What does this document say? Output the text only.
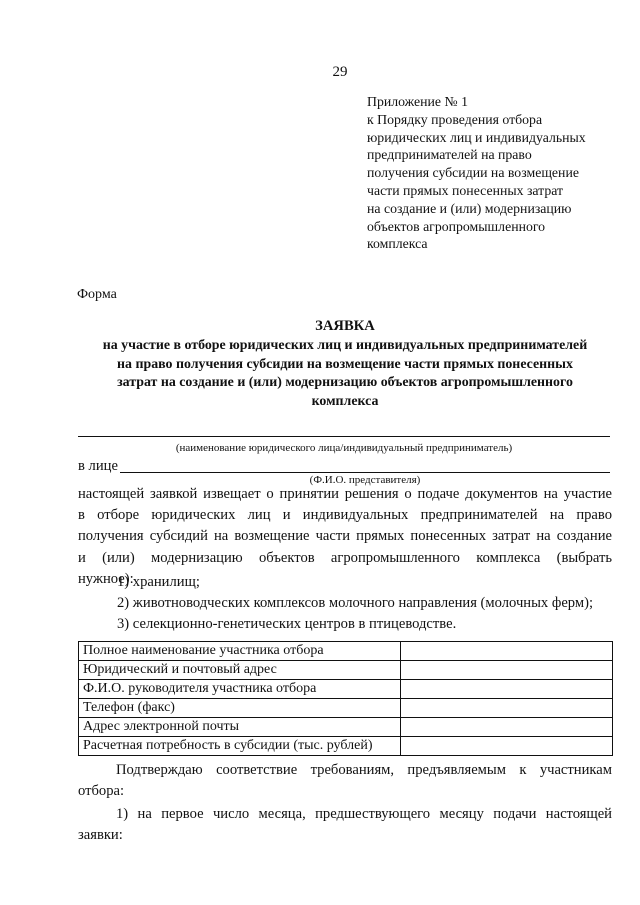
29
Приложение № 1
к Порядку проведения отбора
юридических лиц и индивидуальных
предпринимателей на право
получения субсидии на возмещение
части прямых понесенных затрат
на создание и (или) модернизацию
объектов агропромышленного
комплекса
Форма
ЗАЯВКА
на участие в отборе юридических лиц и индивидуальных предпринимателей
на право получения субсидии на возмещение части прямых понесенных
затрат на создание и (или) модернизацию объектов агропромышленного
комплекса
(наименование юридического лица/индивидуальный предприниматель)
в лице
(Ф.И.О. представителя)
настоящей заявкой извещает о принятии решения о подаче документов на участие
в отборе юридических лиц и индивидуальных предпринимателей на право
получения субсидий на возмещение части прямых понесенных затрат на создание
и (или) модернизацию объектов агропромышленного комплекса (выбрать
нужное):
1) хранилищ;
2) животноводческих комплексов молочного направления (молочных ферм);
3) селекционно-генетических центров в птицеводстве.
Полное наименование участника отбора	
Юридический и почтовый адрес	
Ф.И.О. руководителя участника отбора	
Телефон (факс)	
Адрес электронной почты	
Расчетная потребность в субсидии (тыс. рублей)	
Подтверждаю соответствие требованиям, предъявляемым к участникам
отбора:
1) на первое число месяца, предшествующего месяцу подачи настоящей
заявки:
